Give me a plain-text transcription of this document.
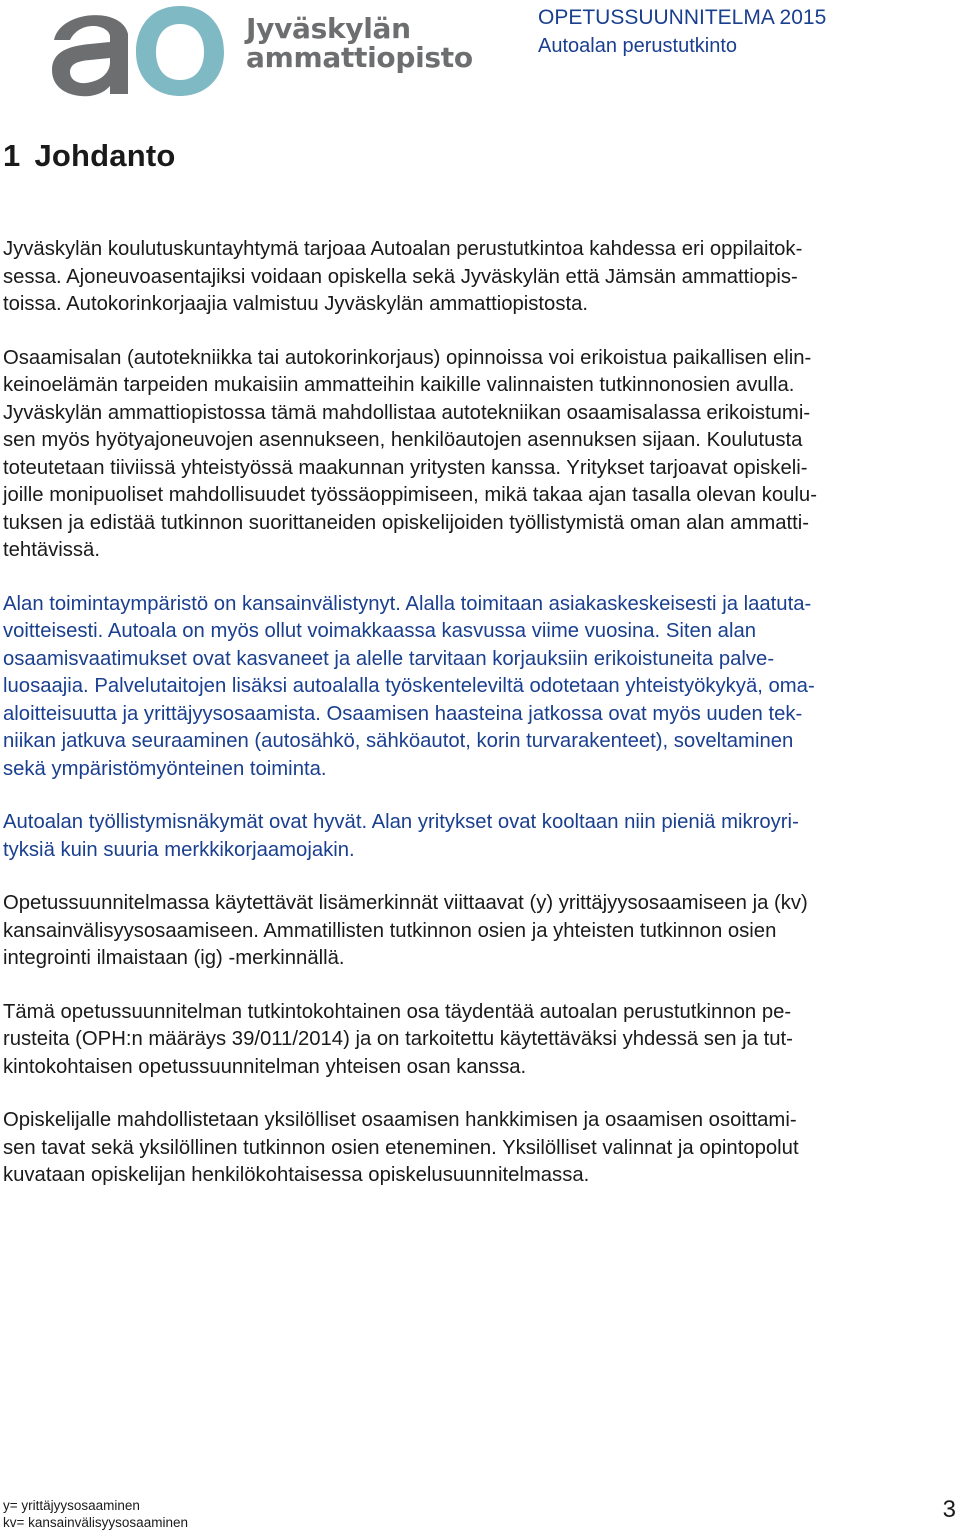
Jyväskylän
ammattiopisto
OPETUSSUUNNITELMA 2015
Autoalan perustutkinto
1 Johdanto

Jyväskylän koulutuskuntayhtymä tarjoaa Autoalan perustutkintoa kahdessa eri oppilaitok-
sessa. Ajoneuvoasentajiksi voidaan opiskella sekä Jyväskylän että Jämsän ammattiopis-
toissa. Autokorinkorjaajia valmistuu Jyväskylän ammattiopistosta.

Osaamisalan (autotekniikka tai autokorinkorjaus) opinnoissa voi erikoistua paikallisen elin-
keinoelämän tarpeiden mukaisiin ammatteihin kaikille valinnaisten tutkinnonosien avulla.
Jyväskylän ammattiopistossa tämä mahdollistaa autotekniikan osaamisalassa erikoistumi-
sen myös hyötyajoneuvojen asennukseen, henkilöautojen asennuksen sijaan. Koulutusta
toteutetaan tiiviissä yhteistyössä maakunnan yritysten kanssa. Yritykset tarjoavat opiskeli-
joille monipuoliset mahdollisuudet työssäoppimiseen, mikä takaa ajan tasalla olevan koulu-
tuksen ja edistää tutkinnon suorittaneiden opiskelijoiden työllistymistä oman alan ammatti-
tehtävissä.

Alan toimintaympäristö on kansainvälistynyt. Alalla toimitaan asiakaskeskeisesti ja laatuta-
voitteisesti. Autoala on myös ollut voimakkaassa kasvussa viime vuosina. Siten alan
osaamisvaatimukset ovat kasvaneet ja alelle tarvitaan korjauksiin erikoistuneita palve-
luosaajia. Palvelutaitojen lisäksi autoalalla työskenteleviltä odotetaan yhteistyökykyä, oma-
aloitteisuutta ja yrittäjyysosaamista. Osaamisen haasteina jatkossa ovat myös uuden tek-
niikan jatkuva seuraaminen (autosähkö, sähköautot, korin turvarakenteet), soveltaminen
sekä ympäristömyönteinen toiminta.

Autoalan työllistymisnäkymät ovat hyvät. Alan yritykset ovat kooltaan niin pieniä mikroyri-
tyksiä kuin suuria merkkikorjaamojakin.

Opetussuunnitelmassa käytettävät lisämerkinnät viittaavat (y) yrittäjyysosaamiseen ja (kv)
kansainvälisyysosaamiseen. Ammatillisten tutkinnon osien ja yhteisten tutkinnon osien
integrointi ilmaistaan (ig) -merkinnällä.

Tämä opetussuunnitelman tutkintokohtainen osa täydentää autoalan perustutkinnon pe-
rusteita (OPH:n määräys 39/011/2014) ja on tarkoitettu käytettäväksi yhdessä sen ja tut-
kintokohtaisen opetussuunnitelman yhteisen osan kanssa.

Opiskelijalle mahdollistetaan yksilölliset osaamisen hankkimisen ja osaamisen osoittami-
sen tavat sekä yksilöllinen tutkinnon osien eteneminen. Yksilölliset valinnat ja opintopolut
kuvataan opiskelijan henkilökohtaisessa opiskelusuunnitelmassa.

y= yrittäjyysosaaminen
kv= kansainvälisyysosaaminen	3
